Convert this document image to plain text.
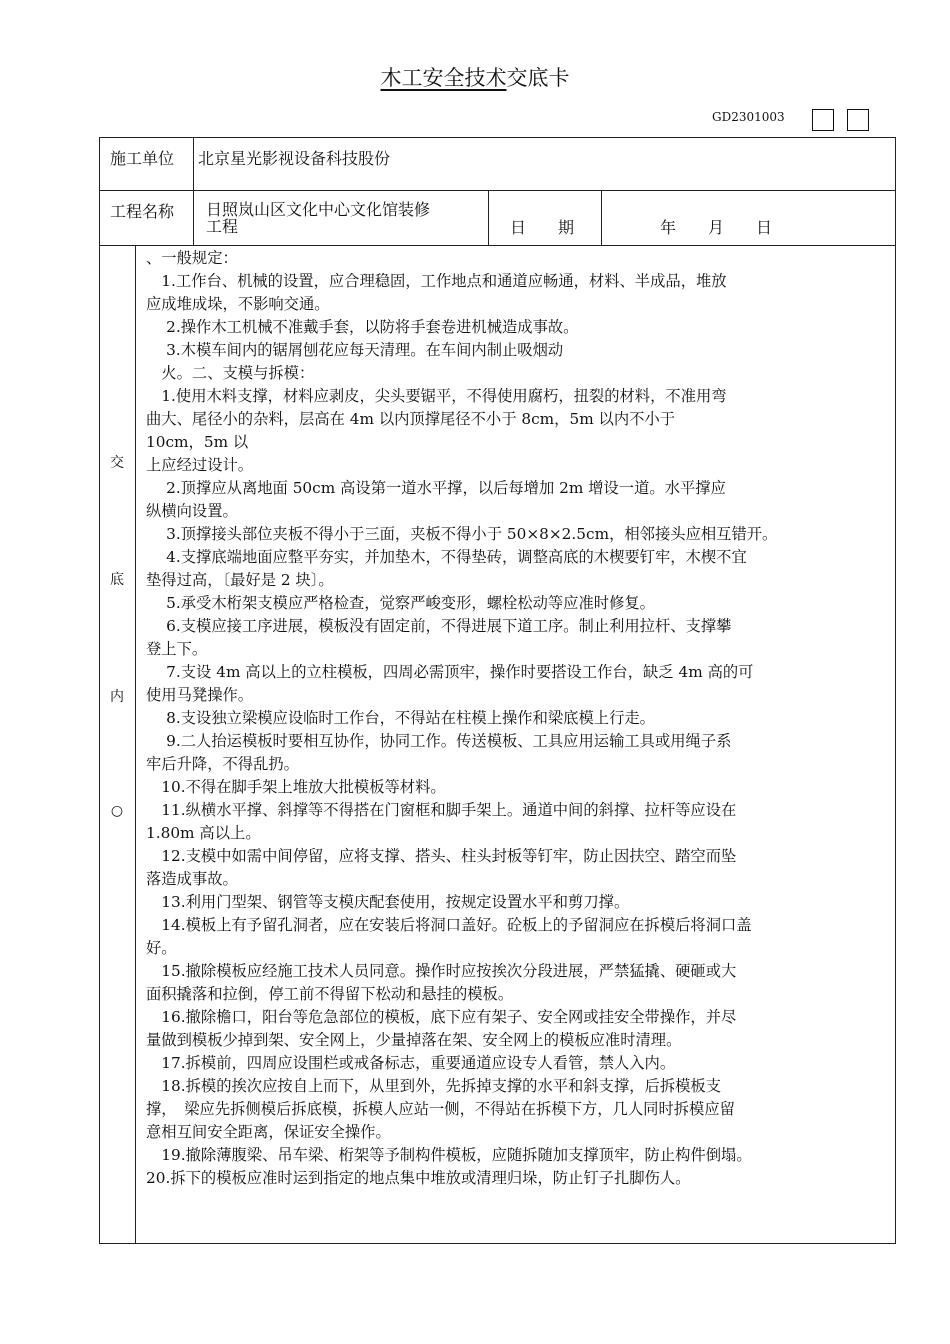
木工安全技术交底卡
GD2301003
施工单位 北京星光影视设备科技股份
工程名称 日照岚山区文化中心文化馆装修
工程	日　　期	年　　月　　日
交
底
内
○

、一般规定：

　1.工作台、机械的设置，应合理稳固，工作地点和通道应畅通，材料、半成品，堆放

应成堆成垛，不影响交通。

　 2.操作木工机械不准戴手套，以防将手套卷进机械造成事故。

　 3.木模车间内的锯屑刨花应每天清理。在车间内制止吸烟动

　火。二、支模与拆模：

　1.使用木料支撑，材料应剥皮，尖头要锯平，不得使用腐朽，扭裂的材料，不准用弯

曲大、尾径小的杂料，层高在 4m 以内顶撑尾径不小于 8cm，5m 以内不小于

10cm，5m 以

上应经过设计。

　 2.顶撑应从离地面 50cm 高设第一道水平撑，以后每增加 2m 增设一道。水平撑应

纵横向设置。

　 3.顶撑接头部位夹板不得小于三面，夹板不得小于 50×8×2.5cm，相邻接头应相互错开。

　 4.支撑底端地面应整平夯实，并加垫木，不得垫砖，调整高底的木楔要钉牢，木楔不宜

垫得过高，〔最好是 2 块〕。

　 5.承受木桁架支模应严格检查，觉察严峻变形，螺栓松动等应准时修复。

　 6.支模应接工序进展，模板没有固定前，不得进展下道工序。制止利用拉杆、支撑攀

登上下。

　 7.支设 4m 高以上的立柱模板，四周必需顶牢，操作时要搭设工作台，缺乏 4m 高的可

使用马凳操作。

　 8.支设独立梁模应设临时工作台，不得站在柱模上操作和梁底模上行走。

　 9.二人抬运模板时要相互协作，协同工作。传送模板、工具应用运输工具或用绳子系

牢后升降，不得乱扔。

　10.不得在脚手架上堆放大批模板等材料。

　11.纵横水平撑、斜撑等不得搭在门窗框和脚手架上。通道中间的斜撑、拉杆等应设在

1.80m 高以上。

　12.支模中如需中间停留，应将支撑、搭头、柱头封板等钉牢，防止因扶空、踏空而坠

落造成事故。

　13.利用门型架、钢管等支模庆配套使用，按规定设置水平和剪刀撑。

　14.模板上有予留孔洞者，应在安装后将洞口盖好。砼板上的予留洞应在拆模后将洞口盖

好。

　15.撤除模板应经施工技术人员同意。操作时应按挨次分段进展，严禁猛撬、硬砸或大

面积撬落和拉倒，停工前不得留下松动和悬挂的模板。

　16.撤除檐口，阳台等危急部位的模板，底下应有架子、安全网或挂安全带操作，并尽

量做到模板少掉到架、安全网上，少量掉落在架、安全网上的模板应准时清理。

　17.拆模前，四周应设围栏或戒备标志，重要通道应设专人看管，禁人入内。

　18.拆模的挨次应按自上而下，从里到外，先拆掉支撑的水平和斜支撑，后拆模板支

撑，　梁应先拆侧模后拆底模，拆模人应站一侧，不得站在拆模下方，几人同时拆模应留

意相互间安全距离，保证安全操作。

　19.撤除薄腹梁、吊车梁、桁架等予制构件模板，应随拆随加支撑顶牢，防止构件倒塌。

20.拆下的模板应准时运到指定的地点集中堆放或清理归垛，防止钉子扎脚伤人。
